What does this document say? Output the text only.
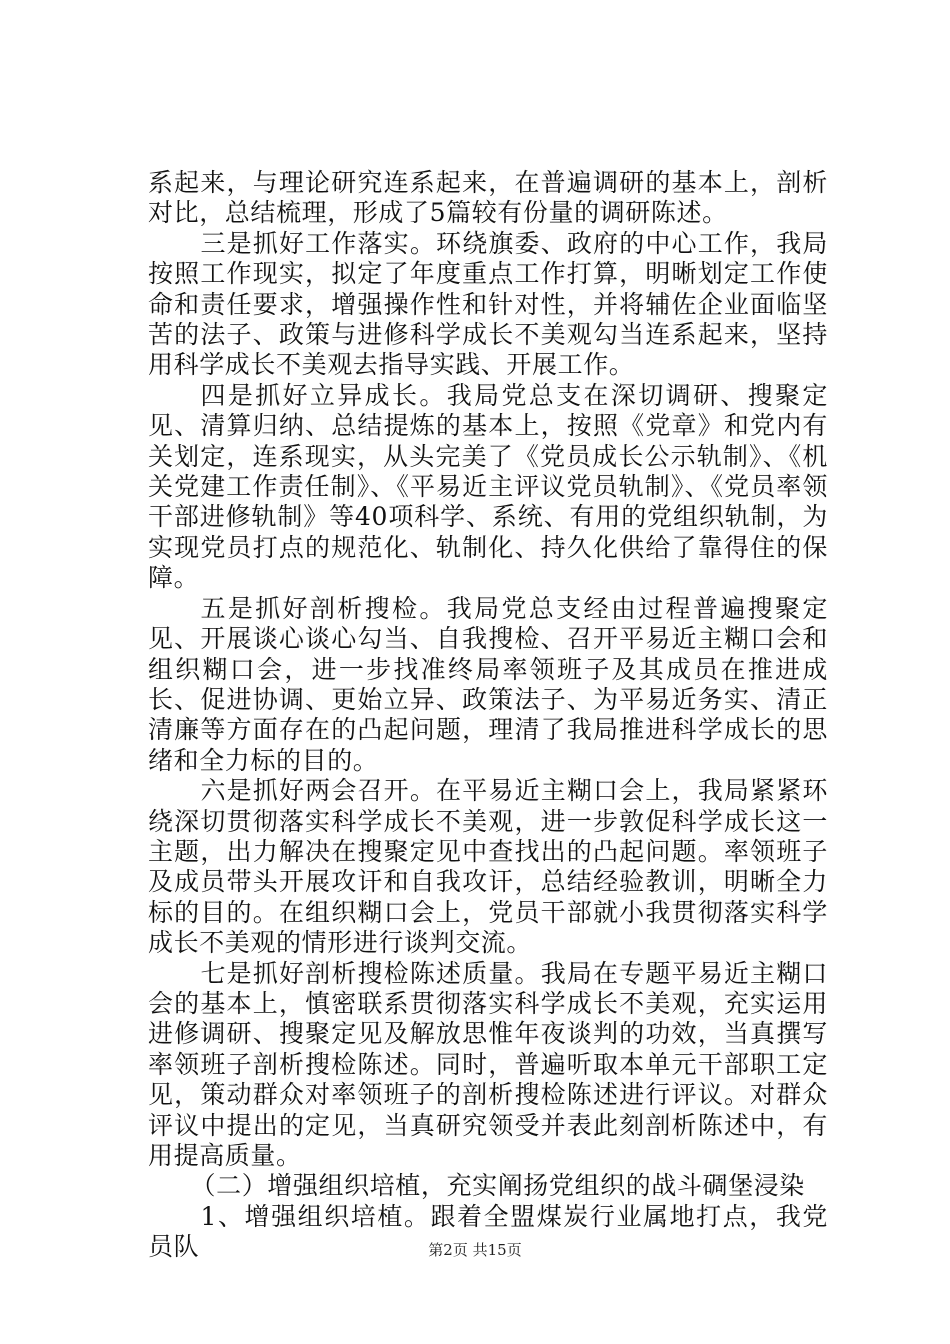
系起来，与理论研究连系起来，在普遍调研的基本上，剖析对比，总结梳理，形成了5篇较有份量的调研陈述。

三是抓好工作落实。环绕旗委、政府的中心工作，我局按照工作现实，拟定了年度重点工作打算，明晰划定工作使命和责任要求，增强操作性和针对性，并将辅佐企业面临坚苦的法子、政策与进修科学成长不美观勾当连系起来，坚持用科学成长不美观去指导实践、开展工作。

四是抓好立异成长。我局党总支在深切调研、搜聚定见、清算归纳、总结提炼的基本上，按照《党章》和党内有关划定，连系现实，从头完美了《党员成长公示轨制》、《机关党建工作责任制》、《平易近主评议党员轨制》、《党员率领干部进修轨制》等40项科学、系统、有用的党组织轨制，为实现党员打点的规范化、轨制化、持久化供给了靠得住的保障。

五是抓好剖析搜检。我局党总支经由过程普遍搜聚定见、开展谈心谈心勾当、自我搜检、召开平易近主糊口会和组织糊口会，进一步找准终局率领班子及其成员在推进成长、促进协调、更始立异、政策法子、为平易近务实、清正清廉等方面存在的凸起问题，理清了我局推进科学成长的思绪和全力标的目的。

六是抓好两会召开。在平易近主糊口会上，我局紧紧环绕深切贯彻落实科学成长不美观，进一步敦促科学成长这一主题，出力解决在搜聚定见中查找出的凸起问题。率领班子及成员带头开展攻讦和自我攻讦，总结经验教训，明晰全力标的目的。在组织糊口会上，党员干部就小我贯彻落实科学成长不美观的情形进行谈判交流。

七是抓好剖析搜检陈述质量。我局在专题平易近主糊口会的基本上，慎密联系贯彻落实科学成长不美观，充实运用进修调研、搜聚定见及解放思惟年夜谈判的功效，当真撰写率领班子剖析搜检陈述。同时，普遍听取本单元干部职工定见，策动群众对率领班子的剖析搜检陈述进行评议。对群众评议中提出的定见，当真研究领受并表此刻剖析陈述中，有用提高质量。

（二）增强组织培植，充实阐扬党组织的战斗碉堡浸染

1、增强组织培植。跟着全盟煤炭行业属地打点，我党员队	第2页 共15页
